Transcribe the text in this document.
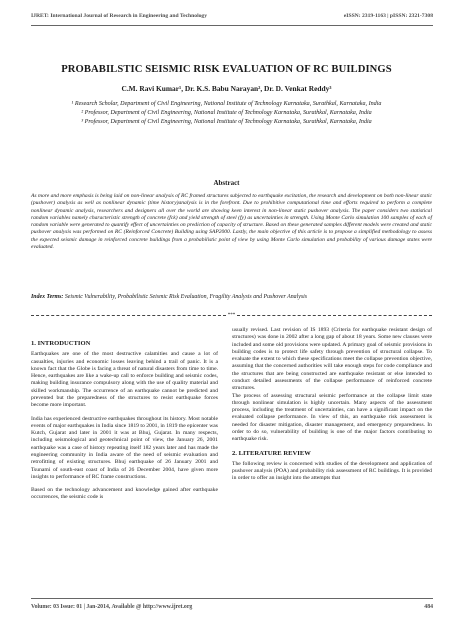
IJRET: International Journal of Research in Engineering and Technology	eISSN: 2319-1163 | pISSN: 2321-7308
PROBABILSTIC SEISMIC RISK EVALUATION OF RC BUILDINGS
C.M. Ravi Kumar¹, Dr. K.S. Babu Narayan², Dr. D. Venkat Reddy³
¹ Research Scholar, Department of Civil Engineering, National Institute of Technology Karnataka, Surathkal, Karnataka, India
² Professor, Department of Civil Engineering, National Institute of Technology Karnataka, Surathkal, Karnataka, India
³ Professor, Department of Civil Engineering, National Institute of Technology Karnataka, Surathkal, Karnataka, India
Abstract
As more and more emphasis is being laid on non-linear analysis of RC framed structures subjected to earthquake excitation, the research and development on both non-linear static (pushover) analysis as well as nonlinear dynamic (time history)analysis is in the forefront. Due to prohibitive computational time and efforts required to perform a complete nonlinear dynamic analysis, researchers and designers all over the world are showing keen interest in non-linear static pushover analysis. The paper considers two statistical random variables namely characteristic strength of concrete (fck) and yield strength of steel (fy) as uncertainties in strength. Using Monte Carlo simulation 100 samples of each of random variable were generated to quantify effect of uncertainties on prediction of capacity of structure. Based on these generated samples different models were created and static pushover analysis was performed on RC (Reinforced Concrete) Building using SAP2000. Lastly, the main objective of this article is to propose a simplified methodology to assess the expected seismic damage in reinforced concrete buildings from a probabilistic point of view by using Monte Carlo simulation and probability of various damage states were evaluated.
Index Terms: Seismic Vulnerability, Probabilistic Seismic Risk Evaluation, Fragility Analysis and Pushover Analysis
***
1. INTRODUCTION

Earthquakes are one of the most destructive calamities and cause a lot of casualties, injuries and economic losses leaving behind a trail of panic. It is a known fact that the Globe is facing a threat of natural disasters from time to time. Hence, earthquakes are like a wake-up call to enforce building and seismic codes, making building insurance compulsory along with the use of quality material and skilled workmanship. The occurrence of an earthquake cannot be predicted and prevented but the preparedness of the structures to resist earthquake forces become more important.

India has experienced destructive earthquakes throughout its history. Most notable events of major earthquakes in India since 1819 to 2001, in 1819 the epicenter was Kutch, Gujarat and later in 2001 it was at Bhuj, Gujarat. In many respects, including seismological and geotechnical point of view, the January 26, 2001 earthquake was a case of history repeating itself 182 years later and has made the engineering community in India aware of the need of seismic evaluation and retrofitting of existing structures. Bhuj earthquake of 26 January 2001 and Tsunami of south-east coast of India of 26 December 2004, have given more insights to performance of RC frame constructions.

Based on the technology advancement and knowledge gained after earthquake occurrences, the seismic code is

usually revised. Last revision of IS 1893 (Criteria for earthquake resistant design of structures) was done in 2002 after a long gap of about 18 years. Some new clauses were included and some old provisions were updated. A primary goal of seismic provisions in building codes is to protect life safety through prevention of structural collapse. To evaluate the extent to which these specifications meet the collapse prevention objective, assuming that the concerned authorities will take enough steps for code compliance and the structures that are being constructed are earthquake resistant or else intended to conduct detailed assessments of the collapse performance of reinforced concrete structures.

The process of assessing structural seismic performance at the collapse limit state through nonlinear simulation is highly uncertain. Many aspects of the assessment process, including the treatment of uncertainties, can have a significant impact on the evaluated collapse performance. In view of this, an earthquake risk assessment is needed for disaster mitigation, disaster management, and emergency preparedness. In order to do so, vulnerability of building is one of the major factors contributing to earthquake risk.

2. LITERATURE REVIEW

The following review is concerned with studies of the development and application of pushover analysis (POA) and probability risk assessment of RC buildings. It is provided in order to offer an insight into the attempts that

Volume: 03 Issue: 01 | Jan-2014, Available @ http://www.ijret.org	484
